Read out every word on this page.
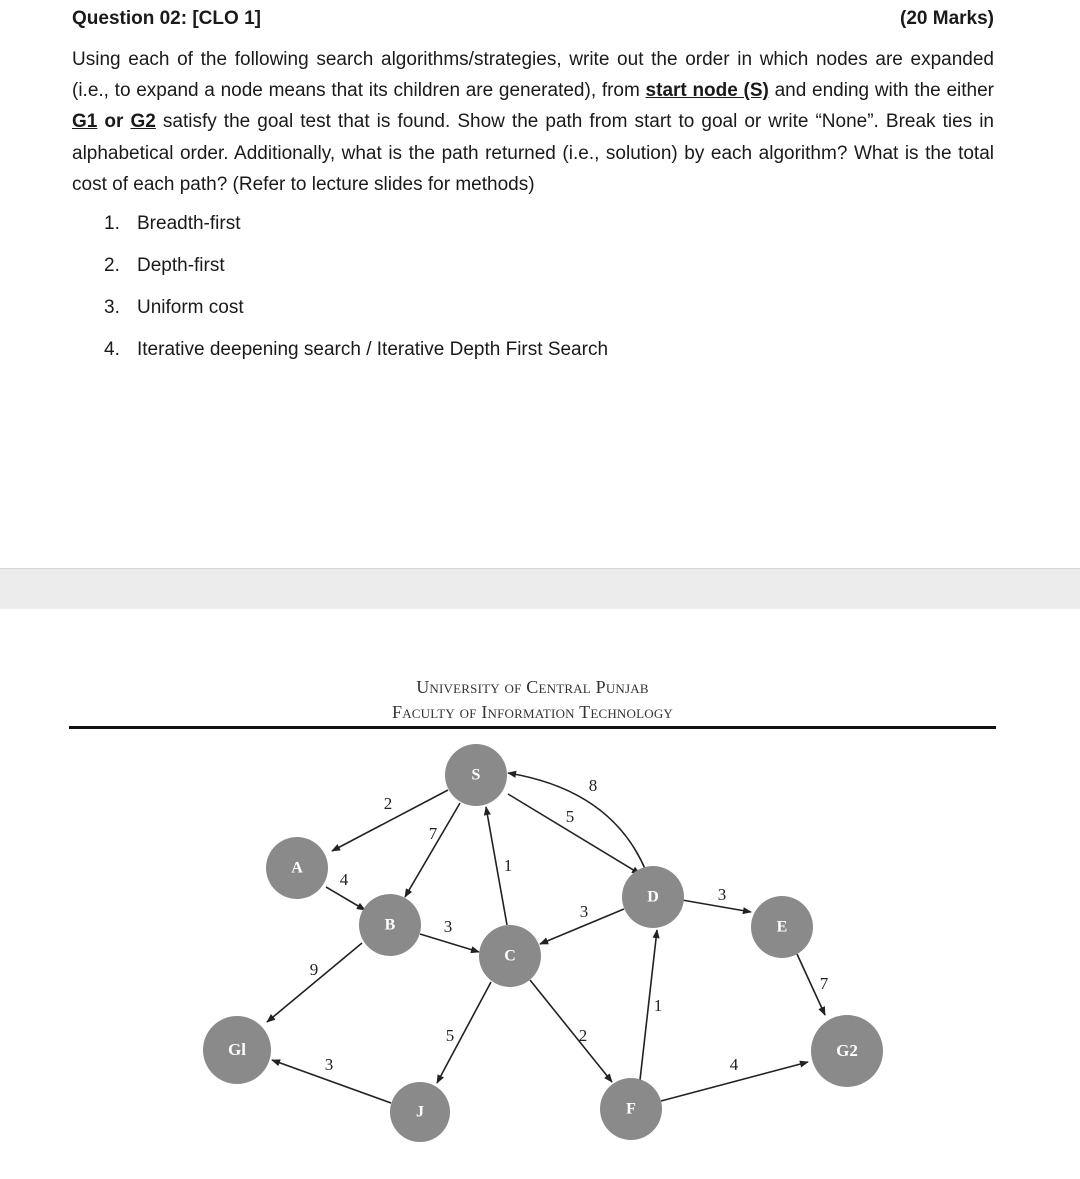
Question 02: [CLO 1]	(20 Marks)
Using each of the following search algorithms/strategies, write out the order in which nodes are expanded (i.e., to expand a node means that its children are generated), from start node (S) and ending with the either G1 or G2 satisfy the goal test that is found. Show the path from start to goal or write “None”. Break ties in alphabetical order. Additionally, what is the path returned (i.e., solution) by each algorithm? What is the total cost of each path? (Refer to lecture slides for methods)
1. Breadth-first
2. Depth-first
3. Uniform cost
4. Iterative deepening search / Iterative Depth First Search
University of Central Punjab
Faculty of Information Technology
S
A
B
C
D
E
F
J
Gl	G2
2
7
5
8
1
4
3
9
3
3
7
5	2
1
3	4
